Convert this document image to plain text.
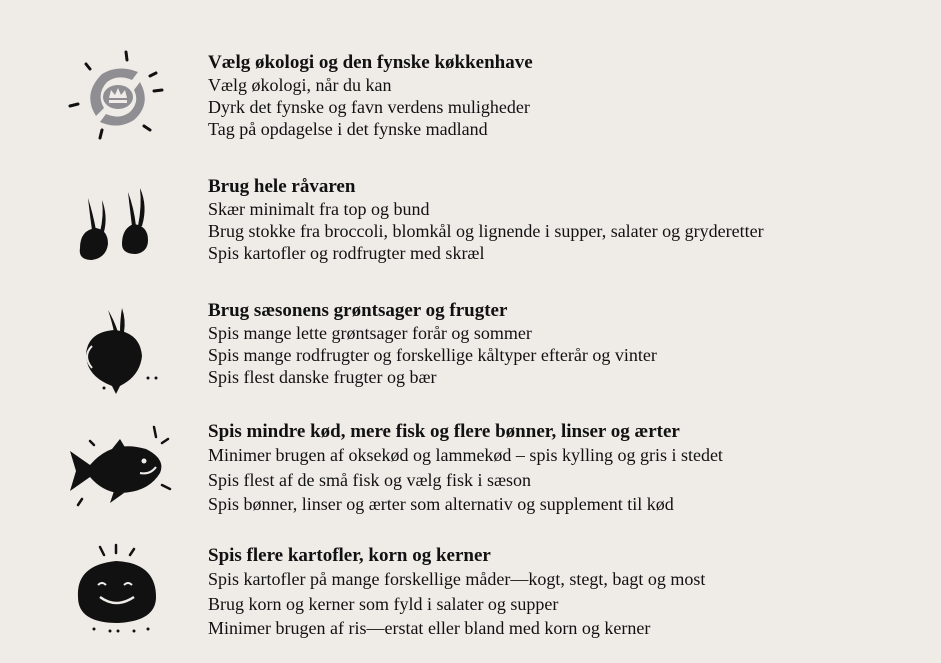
Vælg økologi og den fynske køkkenhave

Vælg økologi, når du kan

Dyrk det fynske og favn verdens muligheder

Tag på opdagelse i det fynske madland

Brug hele råvaren

Skær minimalt fra top og bund

Brug stokke fra broccoli, blomkål og lignende i supper, salater og gryderetter

Spis kartofler og rodfrugter med skræl

Brug sæsonens grøntsager og frugter

Spis mange lette grøntsager forår og sommer

Spis mange rodfrugter og forskellige kåltyper efterår og vinter

Spis flest danske frugter og bær

Spis mindre kød, mere fisk og flere bønner, linser og ærter

Minimer brugen af oksekød og lammekød – spis kylling og gris i stedet

Spis flest af de små fisk og vælg fisk i sæson

Spis bønner, linser og ærter som alternativ og supplement til kød

Spis flere kartofler, korn og kerner

Spis kartofler på mange forskellige måder—kogt, stegt, bagt og most

Brug korn og kerner som fyld i salater og supper

Minimer brugen af ris—erstat eller bland med korn og kerner
